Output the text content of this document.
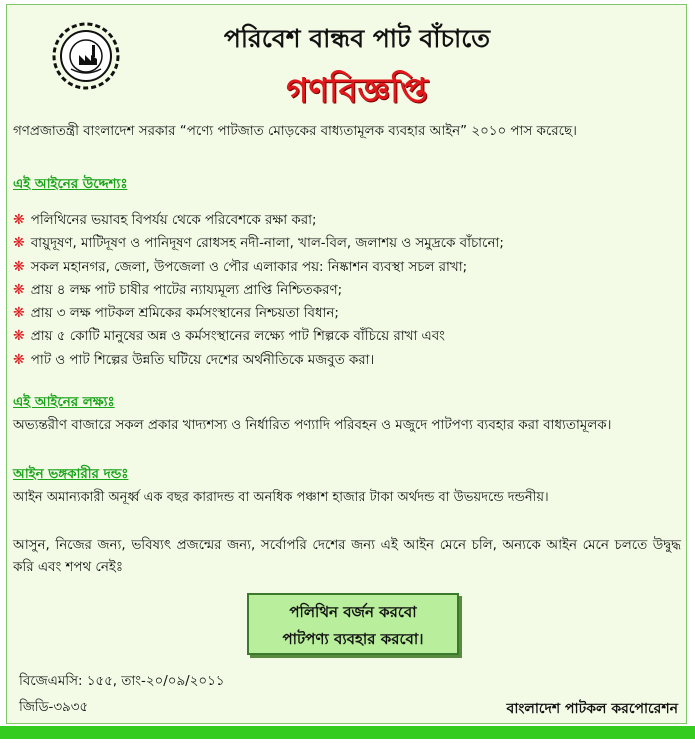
পরিবেশ বান্ধব পাট বাঁচাতে
গণবিজ্ঞপ্তি
গণপ্রজাতন্ত্রী বাংলাদেশ সরকার “পণ্যে পাটজাত মোড়কের বাধ্যতামূলক ব্যবহার আইন” ২০১০ পাস করেছে।
এই আইনের উদ্দেশ্যঃ
❋ পলিথিনের ভয়াবহ বিপর্যয় থেকে পরিবেশকে রক্ষা করা;
❋ বায়ুদূষণ, মাটিদূষণ ও পানিদূষণ রোধসহ নদী-নালা, খাল-বিল, জলাশয় ও সমুদ্রকে বাঁচানো;
❋ সকল মহানগর, জেলা, উপজেলা ও পৌর এলাকার পয়: নিষ্কাশন ব্যবস্থা সচল রাখা;
❋ প্রায় ৪ লক্ষ পাট চাষীর পাটের ন্যায্যমূল্য প্রাপ্তি নিশ্চিতকরণ;
❋ প্রায় ৩ লক্ষ পাটকল শ্রমিকের কর্মসংস্থানের নিশ্চয়তা বিধান;
❋ প্রায় ৫ কোটি মানুষের অন্ন ও কর্মসংস্থানের লক্ষ্যে পাট শিল্পকে বাঁচিয়ে রাখা এবং
❋ পাট ও পাট শিল্পের উন্নতি ঘটিয়ে দেশের অর্থনীতিকে মজবুত করা।
এই আইনের লক্ষ্যঃ
অভ্যন্তরীণ বাজারে সকল প্রকার খাদ্যশস্য ও নির্ধারিত পণ্যাদি পরিবহন ও মজুদে পাটপণ্য ব্যবহার করা বাধ্যতামূলক।
আইন ভঙ্গকারীর দন্ডঃ
আইন অমান্যকারী অনূর্ধ্ব এক বছর কারাদন্ড বা অনধিক পঞ্চাশ হাজার টাকা অর্থদন্ড বা উভয়দন্ডে দন্ডনীয়।
আসুন, নিজের জন্য, ভবিষ্যৎ প্রজন্মের জন্য, সর্বোপরি দেশের জন্য এই আইন মেনে চলি, অন্যকে আইন মেনে চলতে উদ্বুদ্ধ করি এবং শপথ নেইঃ
পলিথিন বর্জন করবো
পাটপণ্য ব্যবহার করবো।
বিজেএমসি: ১৫৫, তাং-২০/০৯/২০১১
জিডি-৩৯৩৫	বাংলাদেশ পাটকল করপোরেশন
